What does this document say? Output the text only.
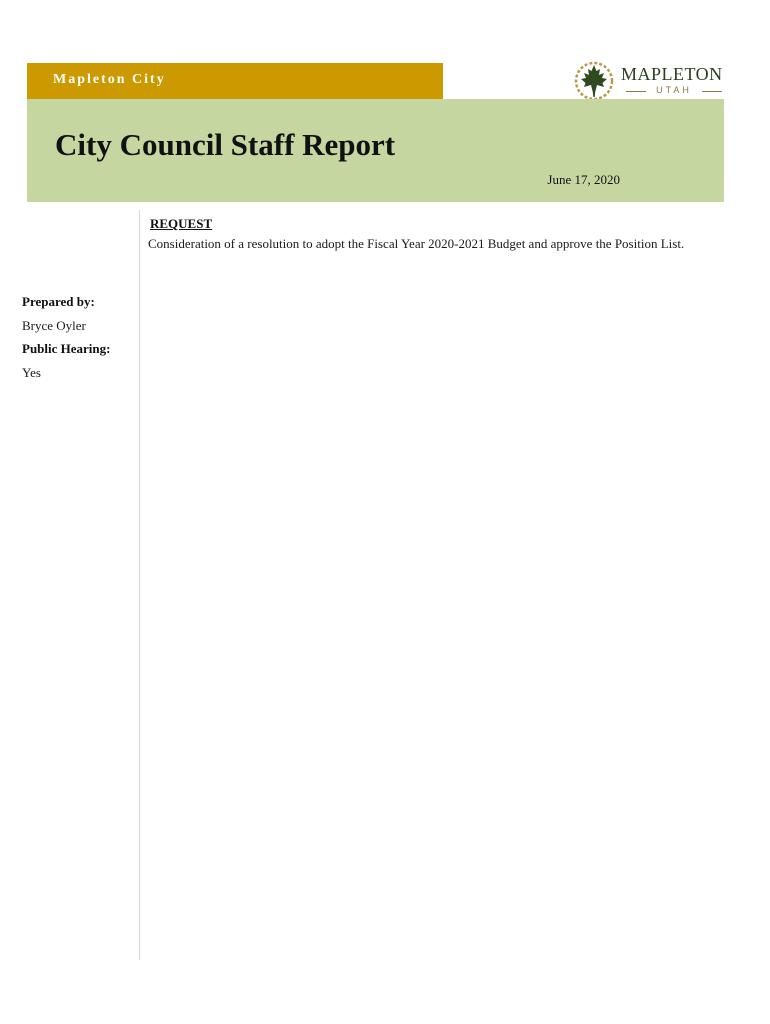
Mapleton City	MAPLETON
UTAH
City Council Staff Report
June 17, 2020
REQUEST
Consideration of a resolution to adopt the Fiscal Year 2020-2021 Budget and approve the Position List.
Prepared by:
Bryce Oyler
Public Hearing:
Yes
